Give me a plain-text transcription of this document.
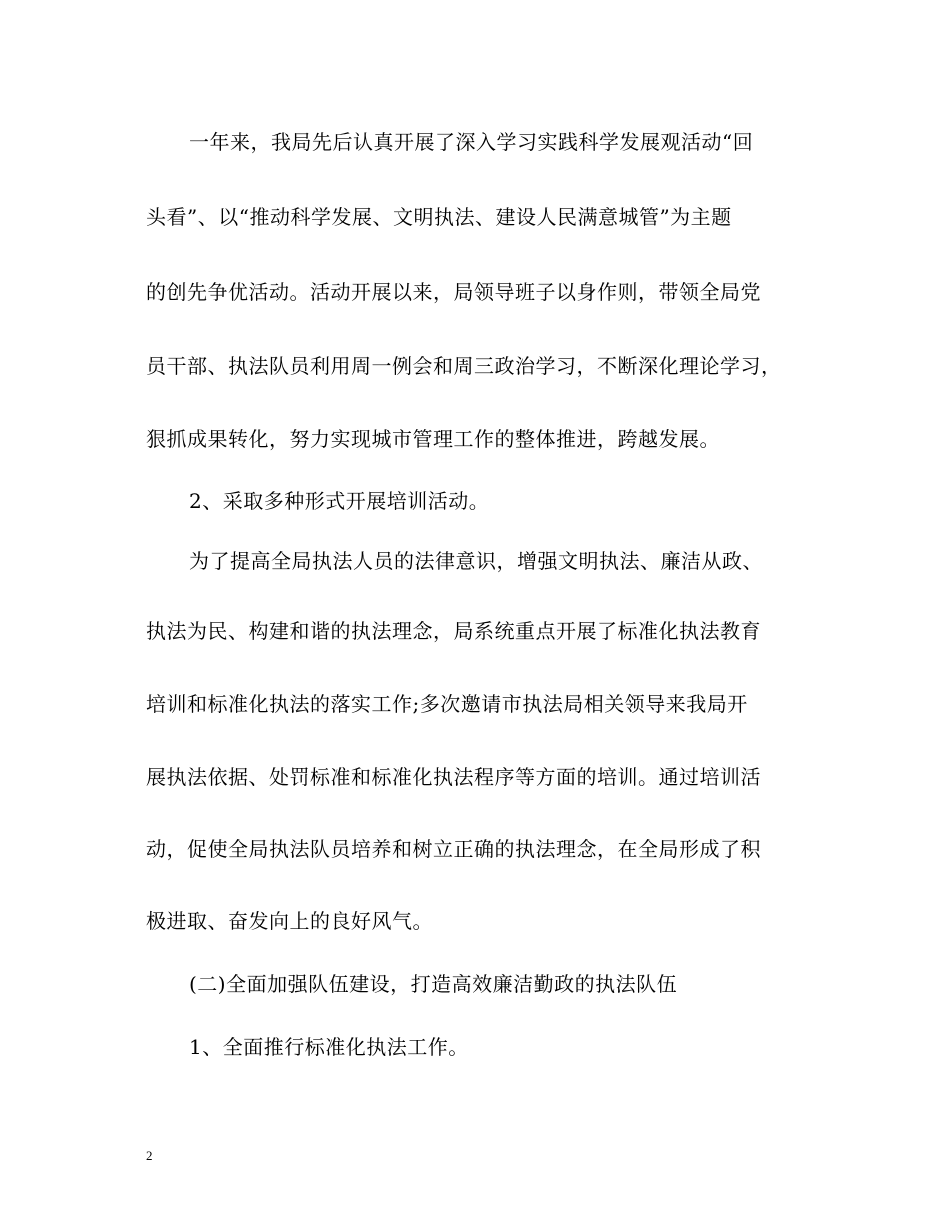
一年来，我局先后认真开展了深入学习实践科学发展观活动“回
头看”、以“推动科学发展、文明执法、建设人民满意城管”为主题
的创先争优活动。活动开展以来，局领导班子以身作则，带领全局党
员干部、执法队员利用周一例会和周三政治学习，不断深化理论学习，
狠抓成果转化，努力实现城市管理工作的整体推进，跨越发展。
2、采取多种形式开展培训活动。
为了提高全局执法人员的法律意识，增强文明执法、廉洁从政、
执法为民、构建和谐的执法理念，局系统重点开展了标准化执法教育
培训和标准化执法的落实工作;多次邀请市执法局相关领导来我局开
展执法依据、处罚标准和标准化执法程序等方面的培训。通过培训活
动，促使全局执法队员培养和树立正确的执法理念，在全局形成了积
极进取、奋发向上的良好风气。
(二)全面加强队伍建设，打造高效廉洁勤政的执法队伍
1、全面推行标准化执法工作。
2
